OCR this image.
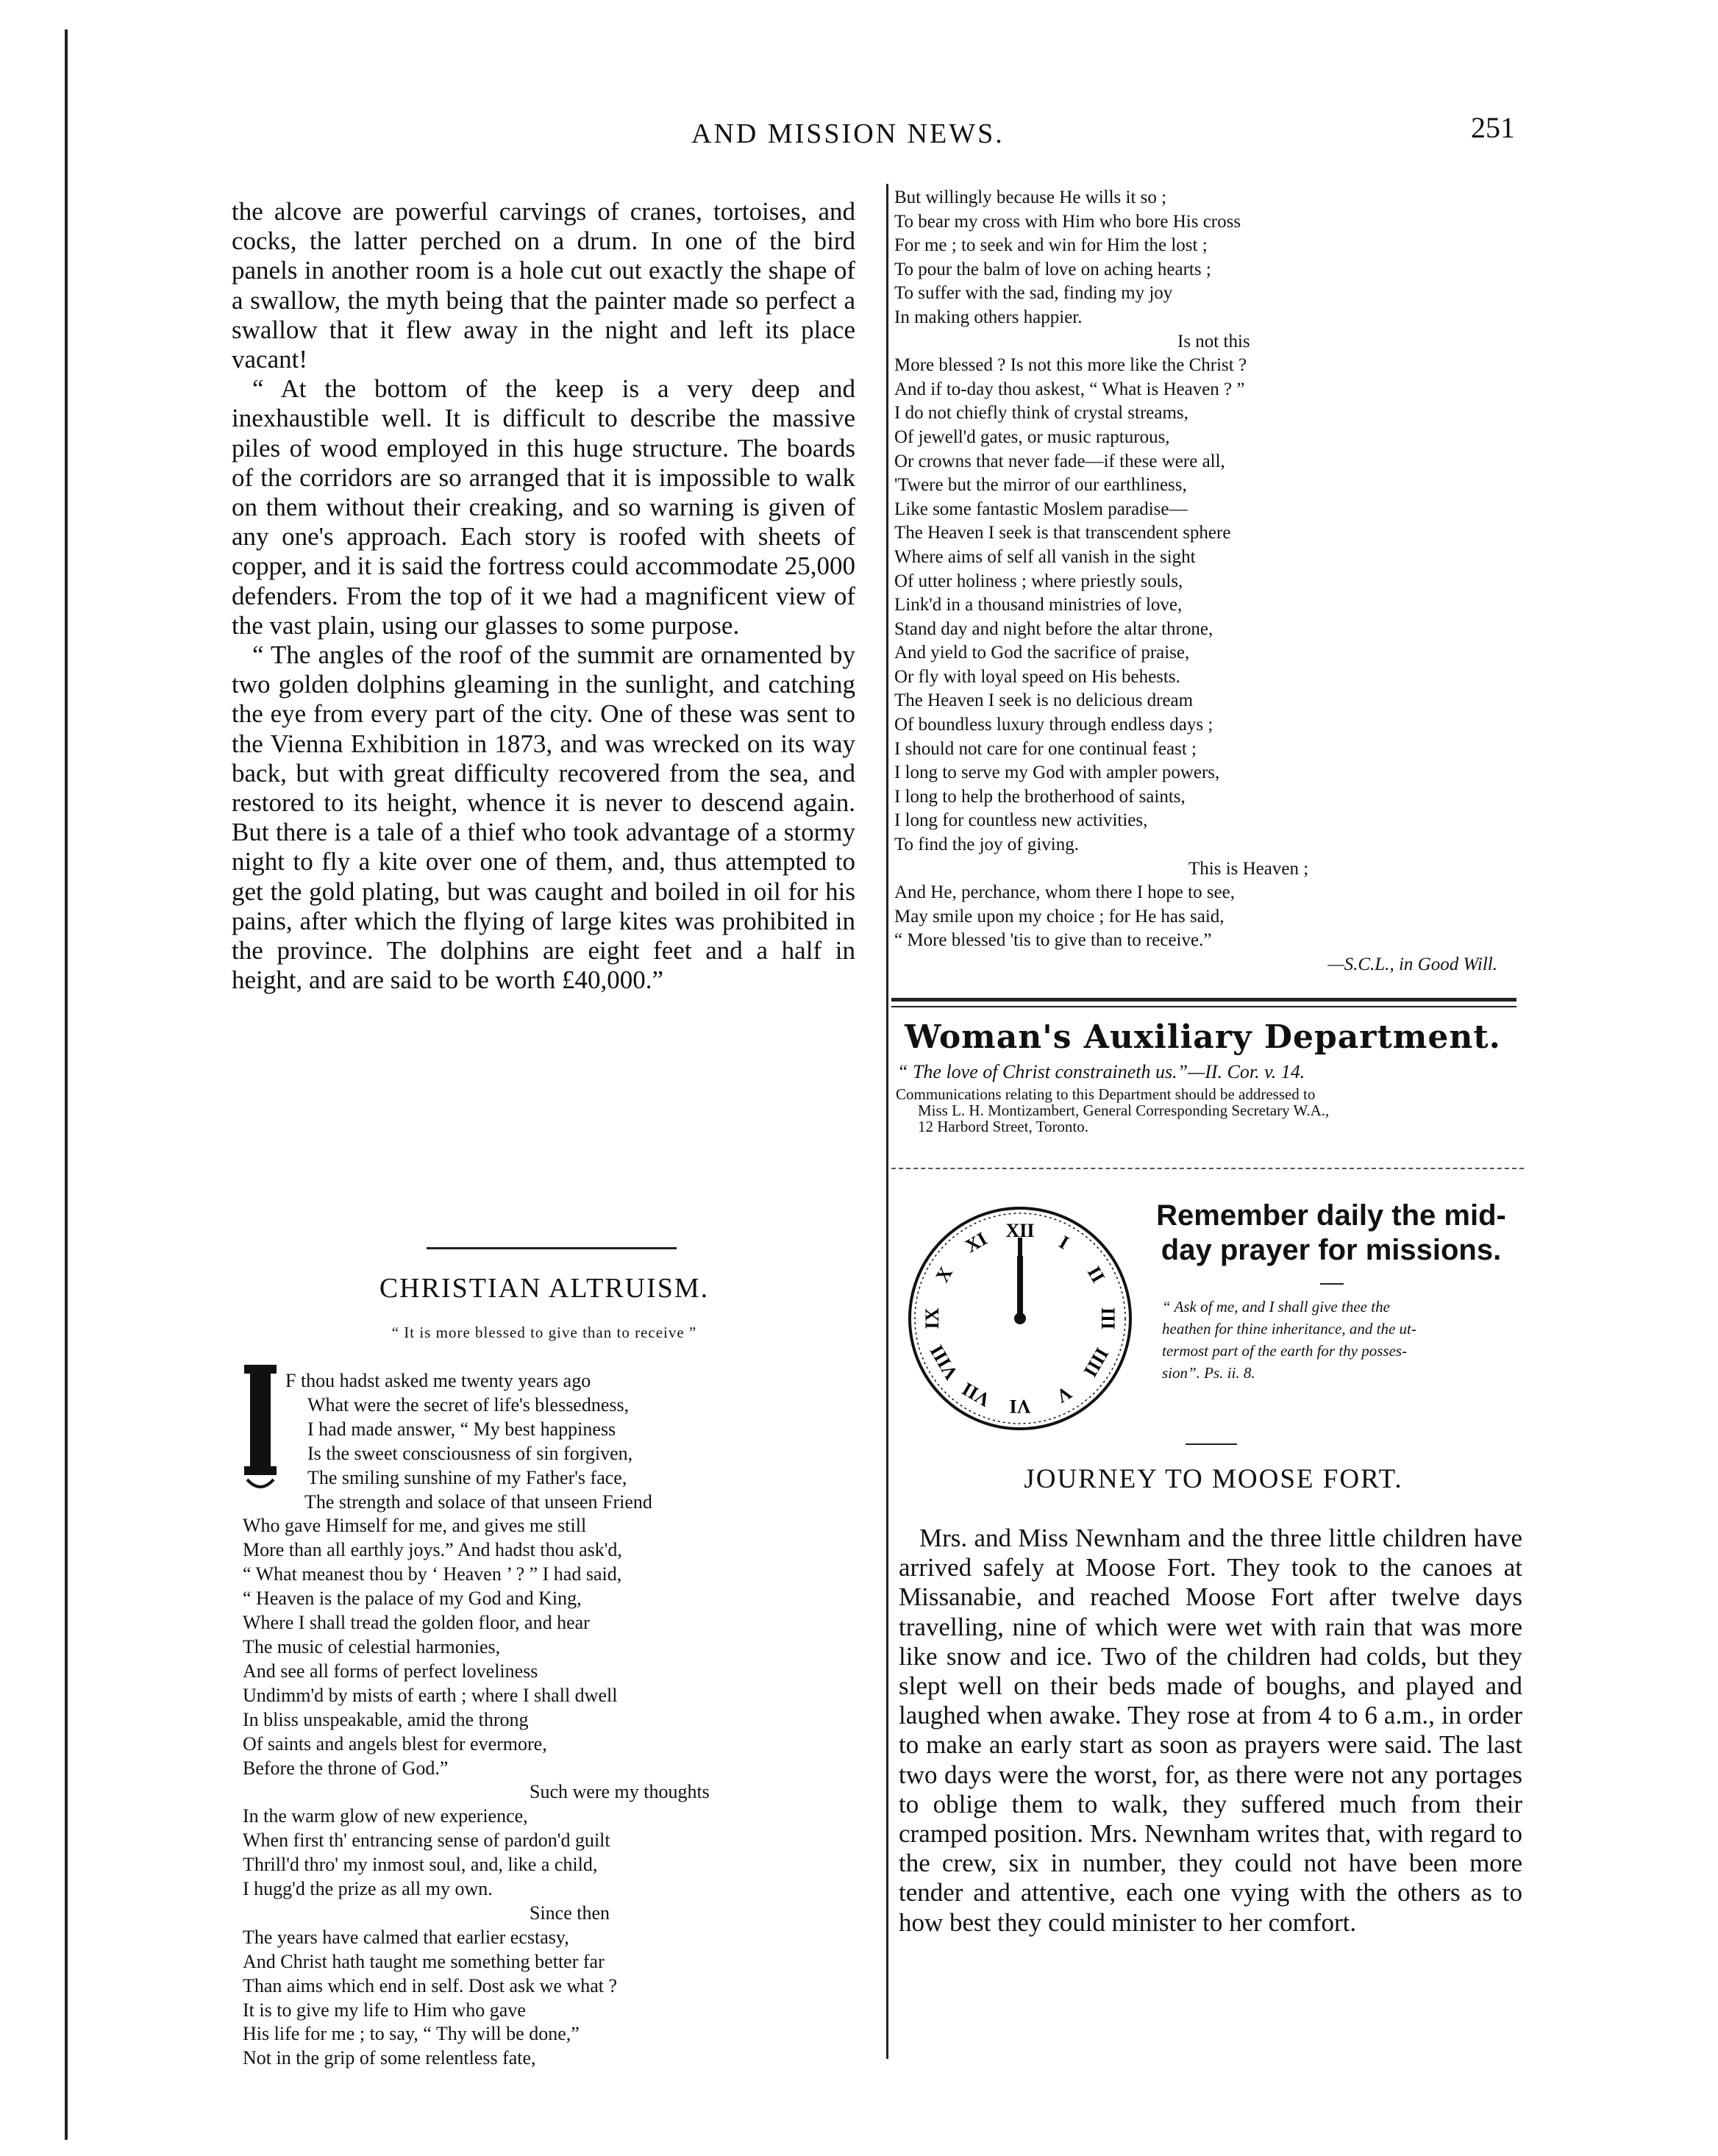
AND MISSION NEWS.	251

the alcove are powerful carvings of cranes, tortoises, and cocks, the latter perched on a drum. In one of the bird panels in another room is a hole cut out exactly the shape of a swallow, the myth being that the painter made so perfect a swallow that it flew away in the night and left its place vacant!

“ At the bottom of the keep is a very deep and inexhaustible well. It is difficult to describe the massive piles of wood employed in this huge structure. The boards of the corridors are so arranged that it is impossible to walk on them without their creaking, and so warning is given of any one's approach. Each story is roofed with sheets of copper, and it is said the fortress could accommodate 25,000 defenders. From the top of it we had a magnificent view of the vast plain, using our glasses to some purpose.

“ The angles of the roof of the summit are ornamented by two golden dolphins gleaming in the sunlight, and catching the eye from every part of the city. One of these was sent to the Vienna Exhibition in 1873, and was wrecked on its way back, but with great difficulty recovered from the sea, and restored to its height, whence it is never to descend again. But there is a tale of a thief who took advantage of a stormy night to fly a kite over one of them, and, thus attempted to get the gold plating, but was caught and boiled in oil for his pains, after which the flying of large kites was prohibited in the province. The dolphins are eight feet and a half in height, and are said to be worth £40,000.”

But willingly because He wills it so ;
To bear my cross with Him who bore His cross
For me ; to seek and win for Him the lost ;
To pour the balm of love on aching hearts ;
To suffer with the sad, finding my joy
In making others happier.
Is not this
More blessed ? Is not this more like the Christ ?
And if to-day thou askest, “ What is Heaven ? ”
I do not chiefly think of crystal streams,
Of jewell'd gates, or music rapturous,
Or crowns that never fade—if these were all,
'Twere but the mirror of our earthliness,
Like some fantastic Moslem paradise—
The Heaven I seek is that transcendent sphere
Where aims of self all vanish in the sight
Of utter holiness ; where priestly souls,
Link'd in a thousand ministries of love,
Stand day and night before the altar throne,
And yield to God the sacrifice of praise,
Or fly with loyal speed on His behests.
The Heaven I seek is no delicious dream
Of boundless luxury through endless days ;
I should not care for one continual feast ;
I long to serve my God with ampler powers,
I long to help the brotherhood of saints,
I long for countless new activities,
To find the joy of giving.
This is Heaven ;
And He, perchance, whom there I hope to see,
May smile upon my choice ; for He has said,
“ More blessed 'tis to give than to receive.”
—S.C.L., in Good Will.
CHRISTIAN ALTRUISM.
“ It is more blessed to give than to receive ”
F thou hadst asked me twenty years ago
What were the secret of life's blessedness,
I had made answer, “ My best happiness
Is the sweet consciousness of sin forgiven,
The smiling sunshine of my Father's face,
The strength and solace of that unseen Friend
Who gave Himself for me, and gives me still
More than all earthly joys.” And hadst thou ask'd,
“ What meanest thou by ‘ Heaven ’ ? ” I had said,
“ Heaven is the palace of my God and King,
Where I shall tread the golden floor, and hear
The music of celestial harmonies,
And see all forms of perfect loveliness
Undimm'd by mists of earth ; where I shall dwell
In bliss unspeakable, amid the throng
Of saints and angels blest for evermore,
Before the throne of God.”
Such were my thoughts
In the warm glow of new experience,
When first th' entrancing sense of pardon'd guilt
Thrill'd thro' my inmost soul, and, like a child,
I hugg'd the prize as all my own.
Since then
The years have calmed that earlier ecstasy,
And Christ hath taught me something better far
Than aims which end in self. Dost ask we what ?
It is to give my life to Him who gave
His life for me ; to say, “ Thy will be done,”
Not in the grip of some relentless fate,
Woman's Auxiliary Department.
“ The love of Christ constraineth us.”—II. Cor. v. 14.
Communications relating to this Department should be addressed to
Miss L. H. Montizambert, General Corresponding Secretary W.A.,
12 Harbord Street, Toronto.
XII
I
II
III
IIII
V
VI
VII
VIII
IX
X
XI
Remember daily the mid-
day prayer for missions.
“ Ask of me, and I shall give thee the
heathen for thine inheritance, and the ut-
termost part of the earth for thy posses-
sion”. Ps. ii. 8.
JOURNEY TO MOOSE FORT.

Mrs. and Miss Newnham and the three little children have arrived safely at Moose Fort. They took to the canoes at Missanabie, and reached Moose Fort after twelve days travelling, nine of which were wet with rain that was more like snow and ice. Two of the children had colds, but they slept well on their beds made of boughs, and played and laughed when awake. They rose at from 4 to 6 a.m., in order to make an early start as soon as prayers were said. The last two days were the worst, for, as there were not any portages to oblige them to walk, they suffered much from their cramped position. Mrs. Newnham writes that, with regard to the crew, six in number, they could not have been more tender and attentive, each one vying with the others as to how best they could minister to her comfort.
